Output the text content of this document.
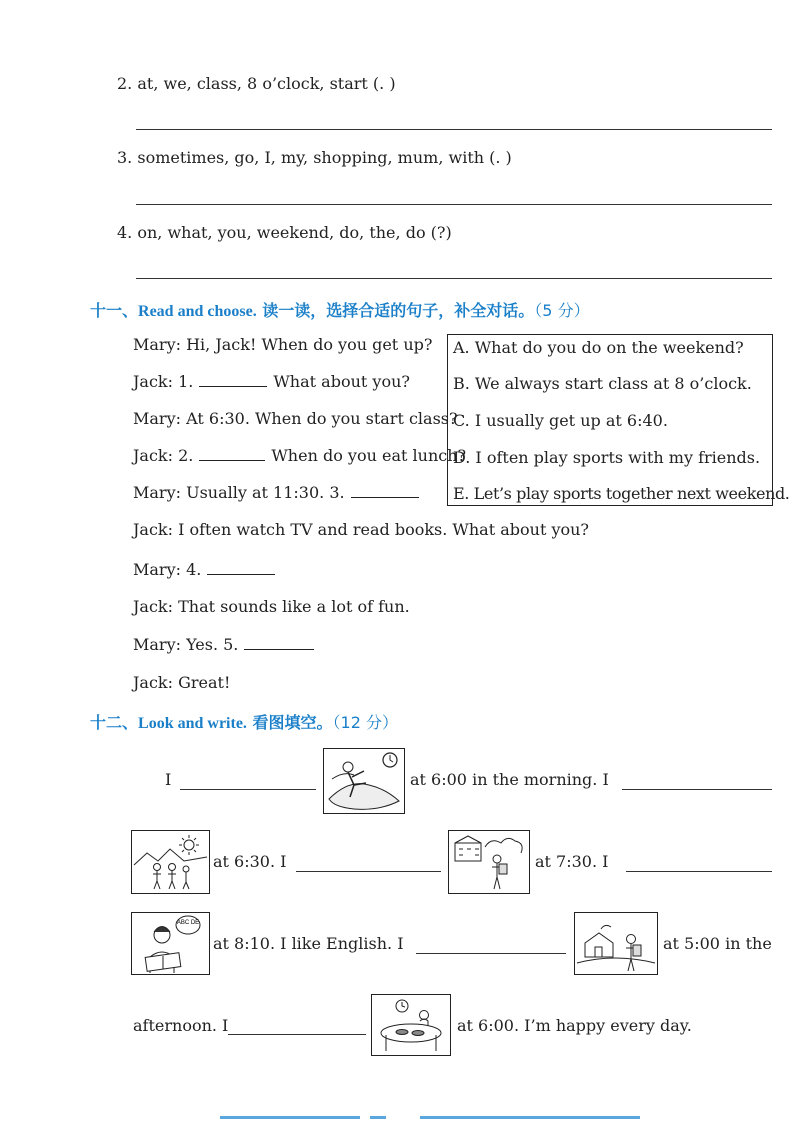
2. at, we, class, 8 o’clock, start (. )
3. sometimes, go, I, my, shopping, mum, with (. )
4. on, what, you, weekend, do, the, do (?)
十一、Read and choose. 读一读，选择合适的句子，补全对话。（5 分）
Mary: Hi, Jack! When do you get up?
Jack: 1.	What about you?
Mary: At 6:30. When do you start class?
Jack: 2.	When do you eat lunch?
Mary: Usually at 11:30. 3.
Jack: I often watch TV and read books. What about you?
Mary: 4.
Jack: That sounds like a lot of fun.
Mary: Yes. 5.
Jack: Great!
A. What do you do on the weekend?
B. We always start class at 8 o’clock.
C. I usually get up at 6:40.
D. I often play sports with my friends.
E. Let’s play sports together next weekend.
十二、Look and write. 看图填空。（12 分）
I	at 6:00 in the morning. I
at 6:30. I	at 7:30. I
ABC DE
at 8:10. I like English. I	at 5:00 in the
afternoon. I	at 6:00. I’m happy every day.
